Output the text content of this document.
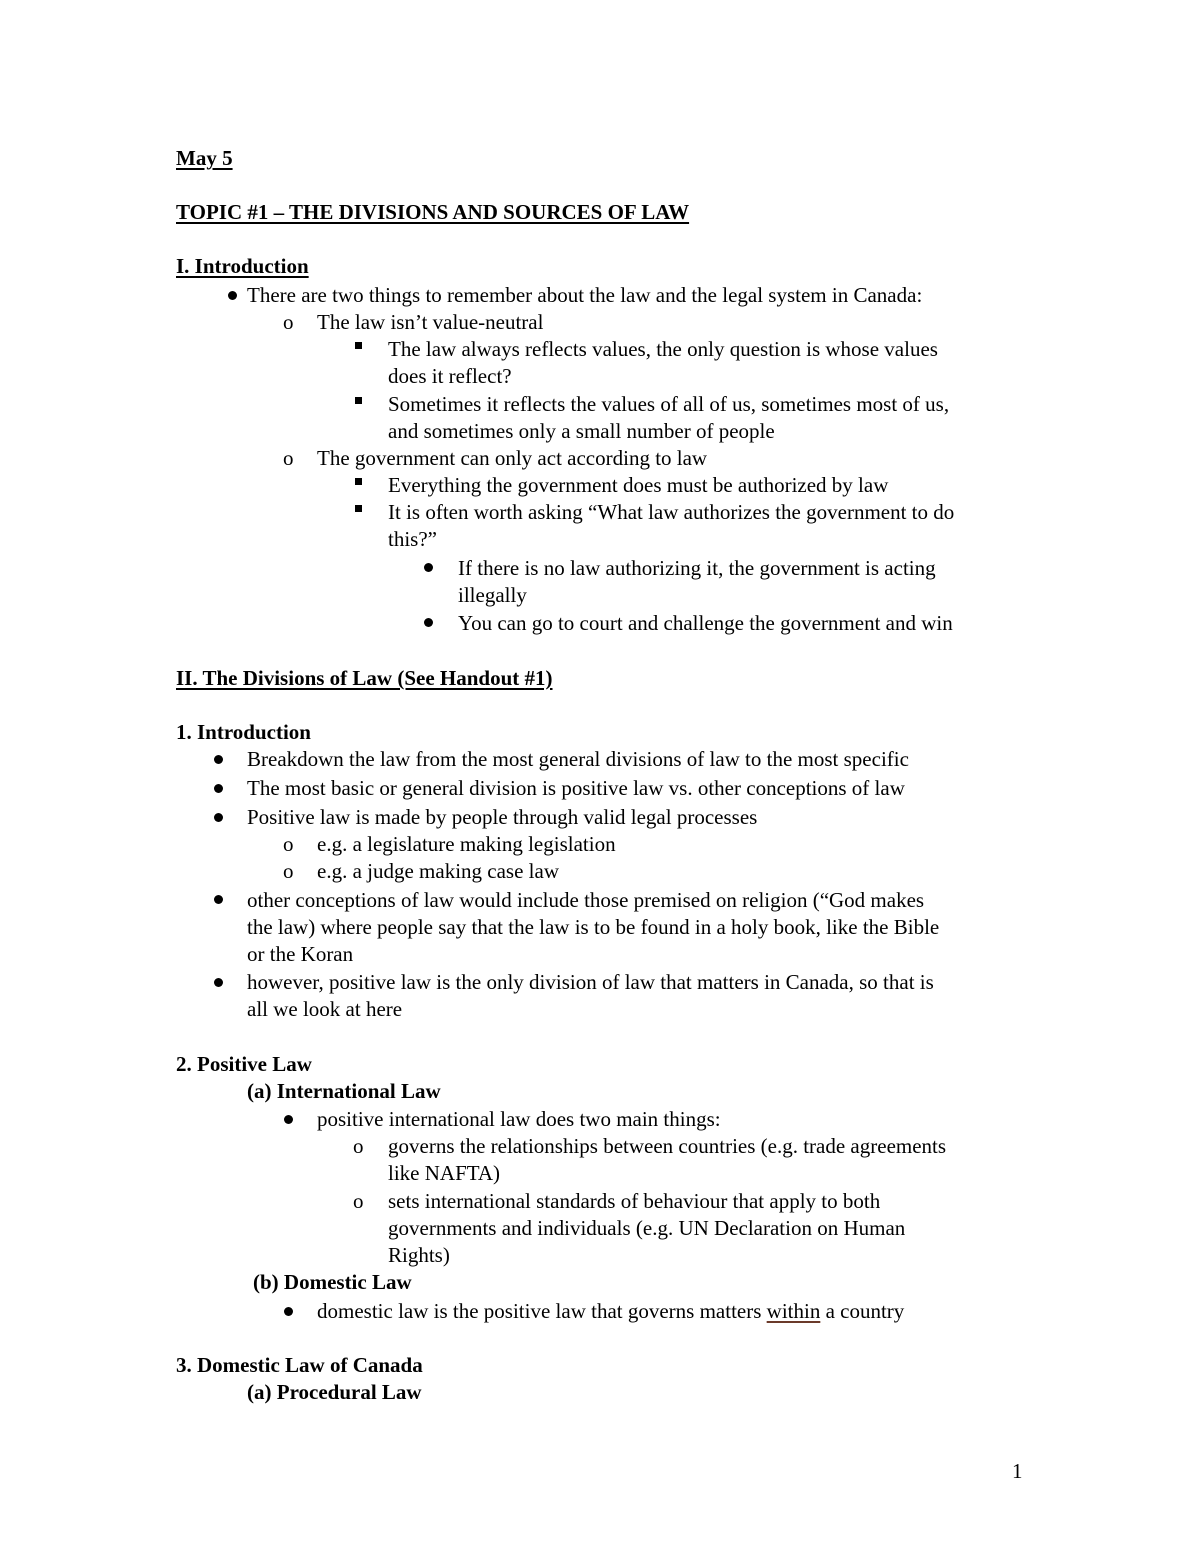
May 5
TOPIC #1 – THE DIVISIONS AND SOURCES OF LAW
I. Introduction
There are two things to remember about the law and the legal system in Canada:
o The law isn’t value-neutral
The law always reflects values, the only question is whose values
does it reflect?
Sometimes it reflects the values of all of us, sometimes most of us,
and sometimes only a small number of people
o The government can only act according to law
Everything the government does must be authorized by law
It is often worth asking “What law authorizes the government to do
this?”
If there is no law authorizing it, the government is acting
illegally
You can go to court and challenge the government and win
II. The Divisions of Law (See Handout #1)
1. Introduction
Breakdown the law from the most general divisions of law to the most specific
The most basic or general division is positive law vs. other conceptions of law
Positive law is made by people through valid legal processes
o e.g. a legislature making legislation
o e.g. a judge making case law
other conceptions of law would include those premised on religion (“God makes
the law) where people say that the law is to be found in a holy book, like the Bible
or the Koran
however, positive law is the only division of law that matters in Canada, so that is
all we look at here
2. Positive Law
(a) International Law
positive international law does two main things:
o governs the relationships between countries (e.g. trade agreements
like NAFTA)
o sets international standards of behaviour that apply to both
governments and individuals (e.g. UN Declaration on Human
Rights)
(b) Domestic Law
domestic law is the positive law that governs matters within a country
3. Domestic Law of Canada
(a) Procedural Law
1
